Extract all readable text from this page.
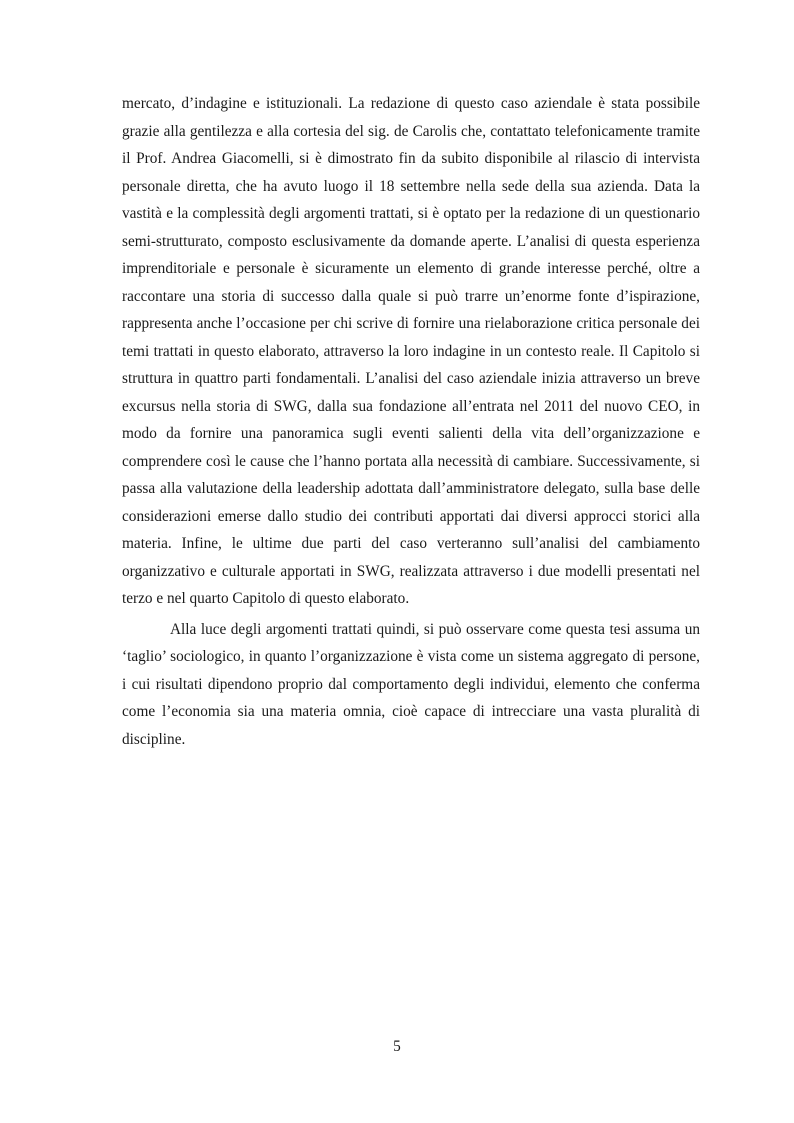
mercato, d’indagine e istituzionali. La redazione di questo caso aziendale è stata possibile grazie alla gentilezza e alla cortesia del sig. de Carolis che, contattato telefonicamente tramite il Prof. Andrea Giacomelli, si è dimostrato fin da subito disponibile al rilascio di intervista personale diretta, che ha avuto luogo il 18 settembre nella sede della sua azienda. Data la vastità e la complessità degli argomenti trattati, si è optato per la redazione di un questionario semi-strutturato, composto esclusivamente da domande aperte. L’analisi di questa esperienza imprenditoriale e personale è sicuramente un elemento di grande interesse perché, oltre a raccontare una storia di successo dalla quale si può trarre un’enorme fonte d’ispirazione, rappresenta anche l’occasione per chi scrive di fornire una rielaborazione critica personale dei temi trattati in questo elaborato, attraverso la loro indagine in un contesto reale. Il Capitolo si struttura in quattro parti fondamentali. L’analisi del caso aziendale inizia attraverso un breve excursus nella storia di SWG, dalla sua fondazione all’entrata nel 2011 del nuovo CEO, in modo da fornire una panoramica sugli eventi salienti della vita dell’organizzazione e comprendere così le cause che l’hanno portata alla necessità di cambiare. Successivamente, si passa alla valutazione della leadership adottata dall’amministratore delegato, sulla base delle considerazioni emerse dallo studio dei contributi apportati dai diversi approcci storici alla materia. Infine, le ultime due parti del caso verteranno sull’analisi del cambiamento organizzativo e culturale apportati in SWG, realizzata attraverso i due modelli presentati nel terzo e nel quarto Capitolo di questo elaborato.

Alla luce degli argomenti trattati quindi, si può osservare come questa tesi assuma un ‘taglio’ sociologico, in quanto l’organizzazione è vista come un sistema aggregato di persone, i cui risultati dipendono proprio dal comportamento degli individui, elemento che conferma come l’economia sia una materia omnia, cioè capace di intrecciare una vasta pluralità di discipline.

5
